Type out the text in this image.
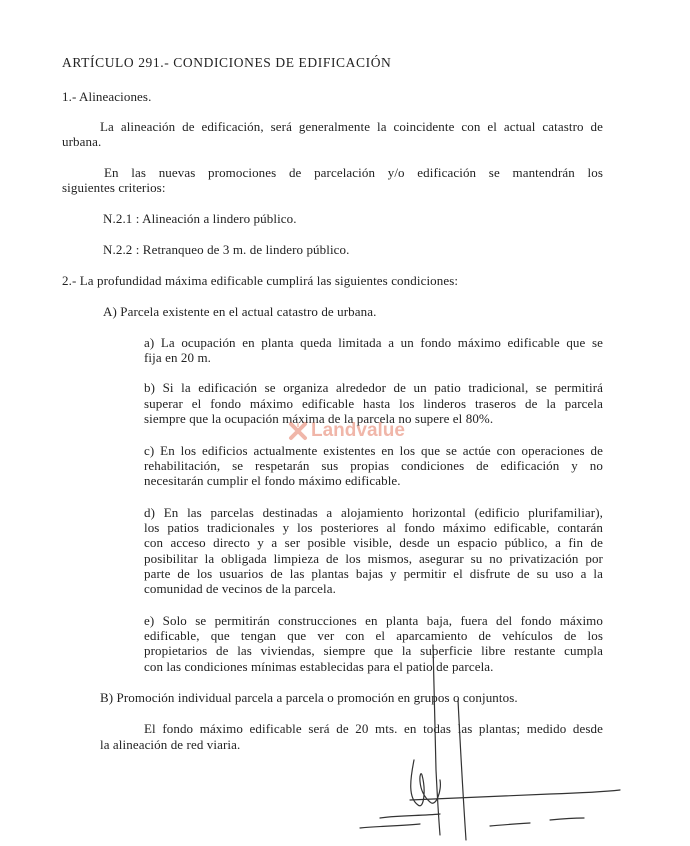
ARTÍCULO 291.- CONDICIONES DE EDIFICACIÓN
1.- Alineaciones.
La alineación de edificación, será generalmente la coincidente con el actual catastro de
urbana.
En las nuevas promociones de parcelación y/o edificación se mantendrán los
siguientes criterios:
N.2.1 : Alineación a lindero público.
N.2.2 : Retranqueo de 3 m. de lindero público.
2.- La profundidad máxima edificable cumplirá las siguientes condiciones:
A) Parcela existente en el actual catastro de urbana.
a) La ocupación en planta queda limitada a un fondo máximo edificable que se
fija en 20 m.
b) Si la edificación se organiza alrededor de un patio tradicional, se permitirá
superar el fondo máximo edificable hasta los linderos traseros de la parcela
siempre que la ocupación máxima de la parcela no supere el 80%.
c) En los edificios actualmente existentes en los que se actúe con operaciones de
rehabilitación, se respetarán sus propias condiciones de edificación y no
necesitarán cumplir el fondo máximo edificable.
d) En las parcelas destinadas a alojamiento horizontal (edificio plurifamiliar),
los patios tradicionales y los posteriores al fondo máximo edificable, contarán
con acceso directo y a ser posible visible, desde un espacio público, a fin de
posibilitar la obligada limpieza de los mismos, asegurar su no privatización por
parte de los usuarios de las plantas bajas y permitir el disfrute de su uso a la
comunidad de vecinos de la parcela.
e) Solo se permitirán construcciones en planta baja, fuera del fondo máximo
edificable, que tengan que ver con el aparcamiento de vehículos de los
propietarios de las viviendas, siempre que la superficie libre restante cumpla
con las condiciones mínimas establecidas para el patio de parcela.
B) Promoción individual parcela a parcela o promoción en grupos o conjuntos.
El fondo máximo edificable será de 20 mts. en todas las plantas; medido desde
la alineación de red viaria.
Landvalue
